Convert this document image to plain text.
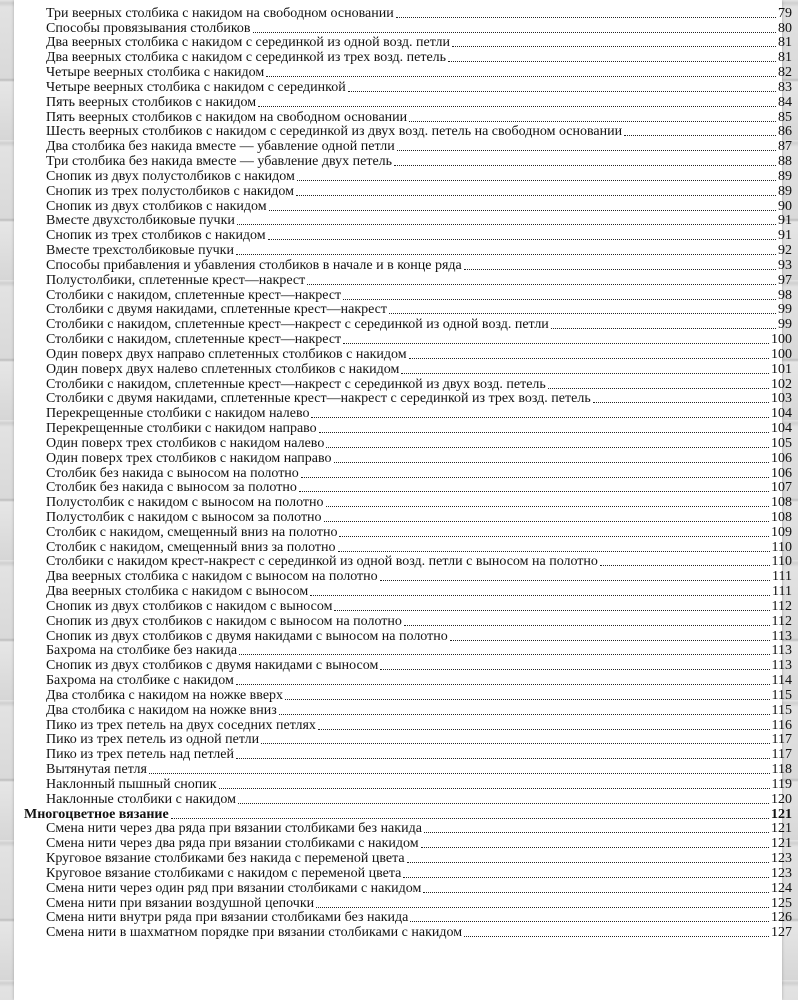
Три веерных столбика с накидом на свободном основании	79
Способы провязывания столбиков	80
Два веерных столбика с накидом с серединкой из одной возд. петли	81
Два веерных столбика с накидом с серединкой из трех возд. петель	81
Четыре веерных столбика с накидом	82
Четыре веерных столбика с накидом с серединкой	83
Пять веерных столбиков с накидом	84
Пять веерных столбиков с накидом на свободном основании	85
Шесть веерных столбиков с накидом с серединкой из двух возд. петель на свободном основании	86
Два столбика без накида вместе — убавление одной петли	87
Три столбика без накида вместе — убавление двух петель	88
Снопик из двух полустолбиков с накидом	89
Снопик из трех полустолбиков с накидом	89
Снопик из двух столбиков с накидом	90
Вместе двухстолбиковые пучки	91
Снопик из трех столбиков с накидом	91
Вместе трехстолбиковые пучки	92
Способы прибавления и убавления столбиков в начале и в конце ряда	93
Полустолбики, сплетенные крест—накрест	97
Столбики с накидом, сплетенные крест—накрест	98
Столбики с двумя накидами, сплетенные крест—накрест	99
Столбики с накидом, сплетенные крест—накрест с серединкой из одной возд. петли	99
Столбики с накидом, сплетенные крест—накрест	100
Один поверх двух направо сплетенных столбиков с накидом	100
Один поверх двух налево сплетенных столбиков с накидом	101
Столбики с накидом, сплетенные крест—накрест с серединкой из двух возд. петель	102
Столбики с двумя накидами, сплетенные крест—накрест с серединкой из трех возд. петель	103
Перекрещенные столбики с накидом налево	104
Перекрещенные столбики с накидом направо	104
Один поверх трех столбиков с накидом налево	105
Один поверх трех столбиков с накидом направо	106
Столбик без накида с выносом на полотно	106
Столбик без накида с выносом за полотно	107
Полустолбик с накидом с выносом на полотно	108
Полустолбик с накидом с выносом за полотно	108
Столбик с накидом, смещенный вниз на полотно	109
Столбик с накидом, смещенный вниз за полотно	110
Столбики с накидом крест-накрест с серединкой из одной возд. петли с выносом на полотно	110
Два веерных столбика с накидом с выносом на полотно	111
Два веерных столбика с накидом с выносом	111
Снопик из двух столбиков с накидом с выносом	112
Снопик из двух столбиков с накидом с выносом на полотно	112
Снопик из двух столбиков с двумя накидами с выносом на полотно	113
Бахрома на столбике без накида	113
Снопик из двух столбиков с двумя накидами с выносом	113
Бахрома на столбике с накидом	114
Два столбика с накидом на ножке вверх	115
Два столбика с накидом на ножке вниз	115
Пико из трех петель на двух соседних петлях	116
Пико из трех петель из одной петли	117
Пико из трех петель над петлей	117
Вытянутая петля	118
Наклонный пышный снопик	119
Наклонные столбики с накидом	120
Многоцветное вязание	121
Смена нити через два ряда при вязании столбиками без накида	121
Смена нити через два ряда при вязании столбиками с накидом	121
Круговое вязание столбиками без накида с переменой цвета	123
Круговое вязание столбиками с накидом с переменой цвета	123
Смена нити через один ряд при вязании столбиками с накидом	124
Смена нити при вязании воздушной цепочки	125
Смена нити внутри ряда при вязании столбиками без накида	126
Смена нити в шахматном порядке при вязании столбиками с накидом	127
